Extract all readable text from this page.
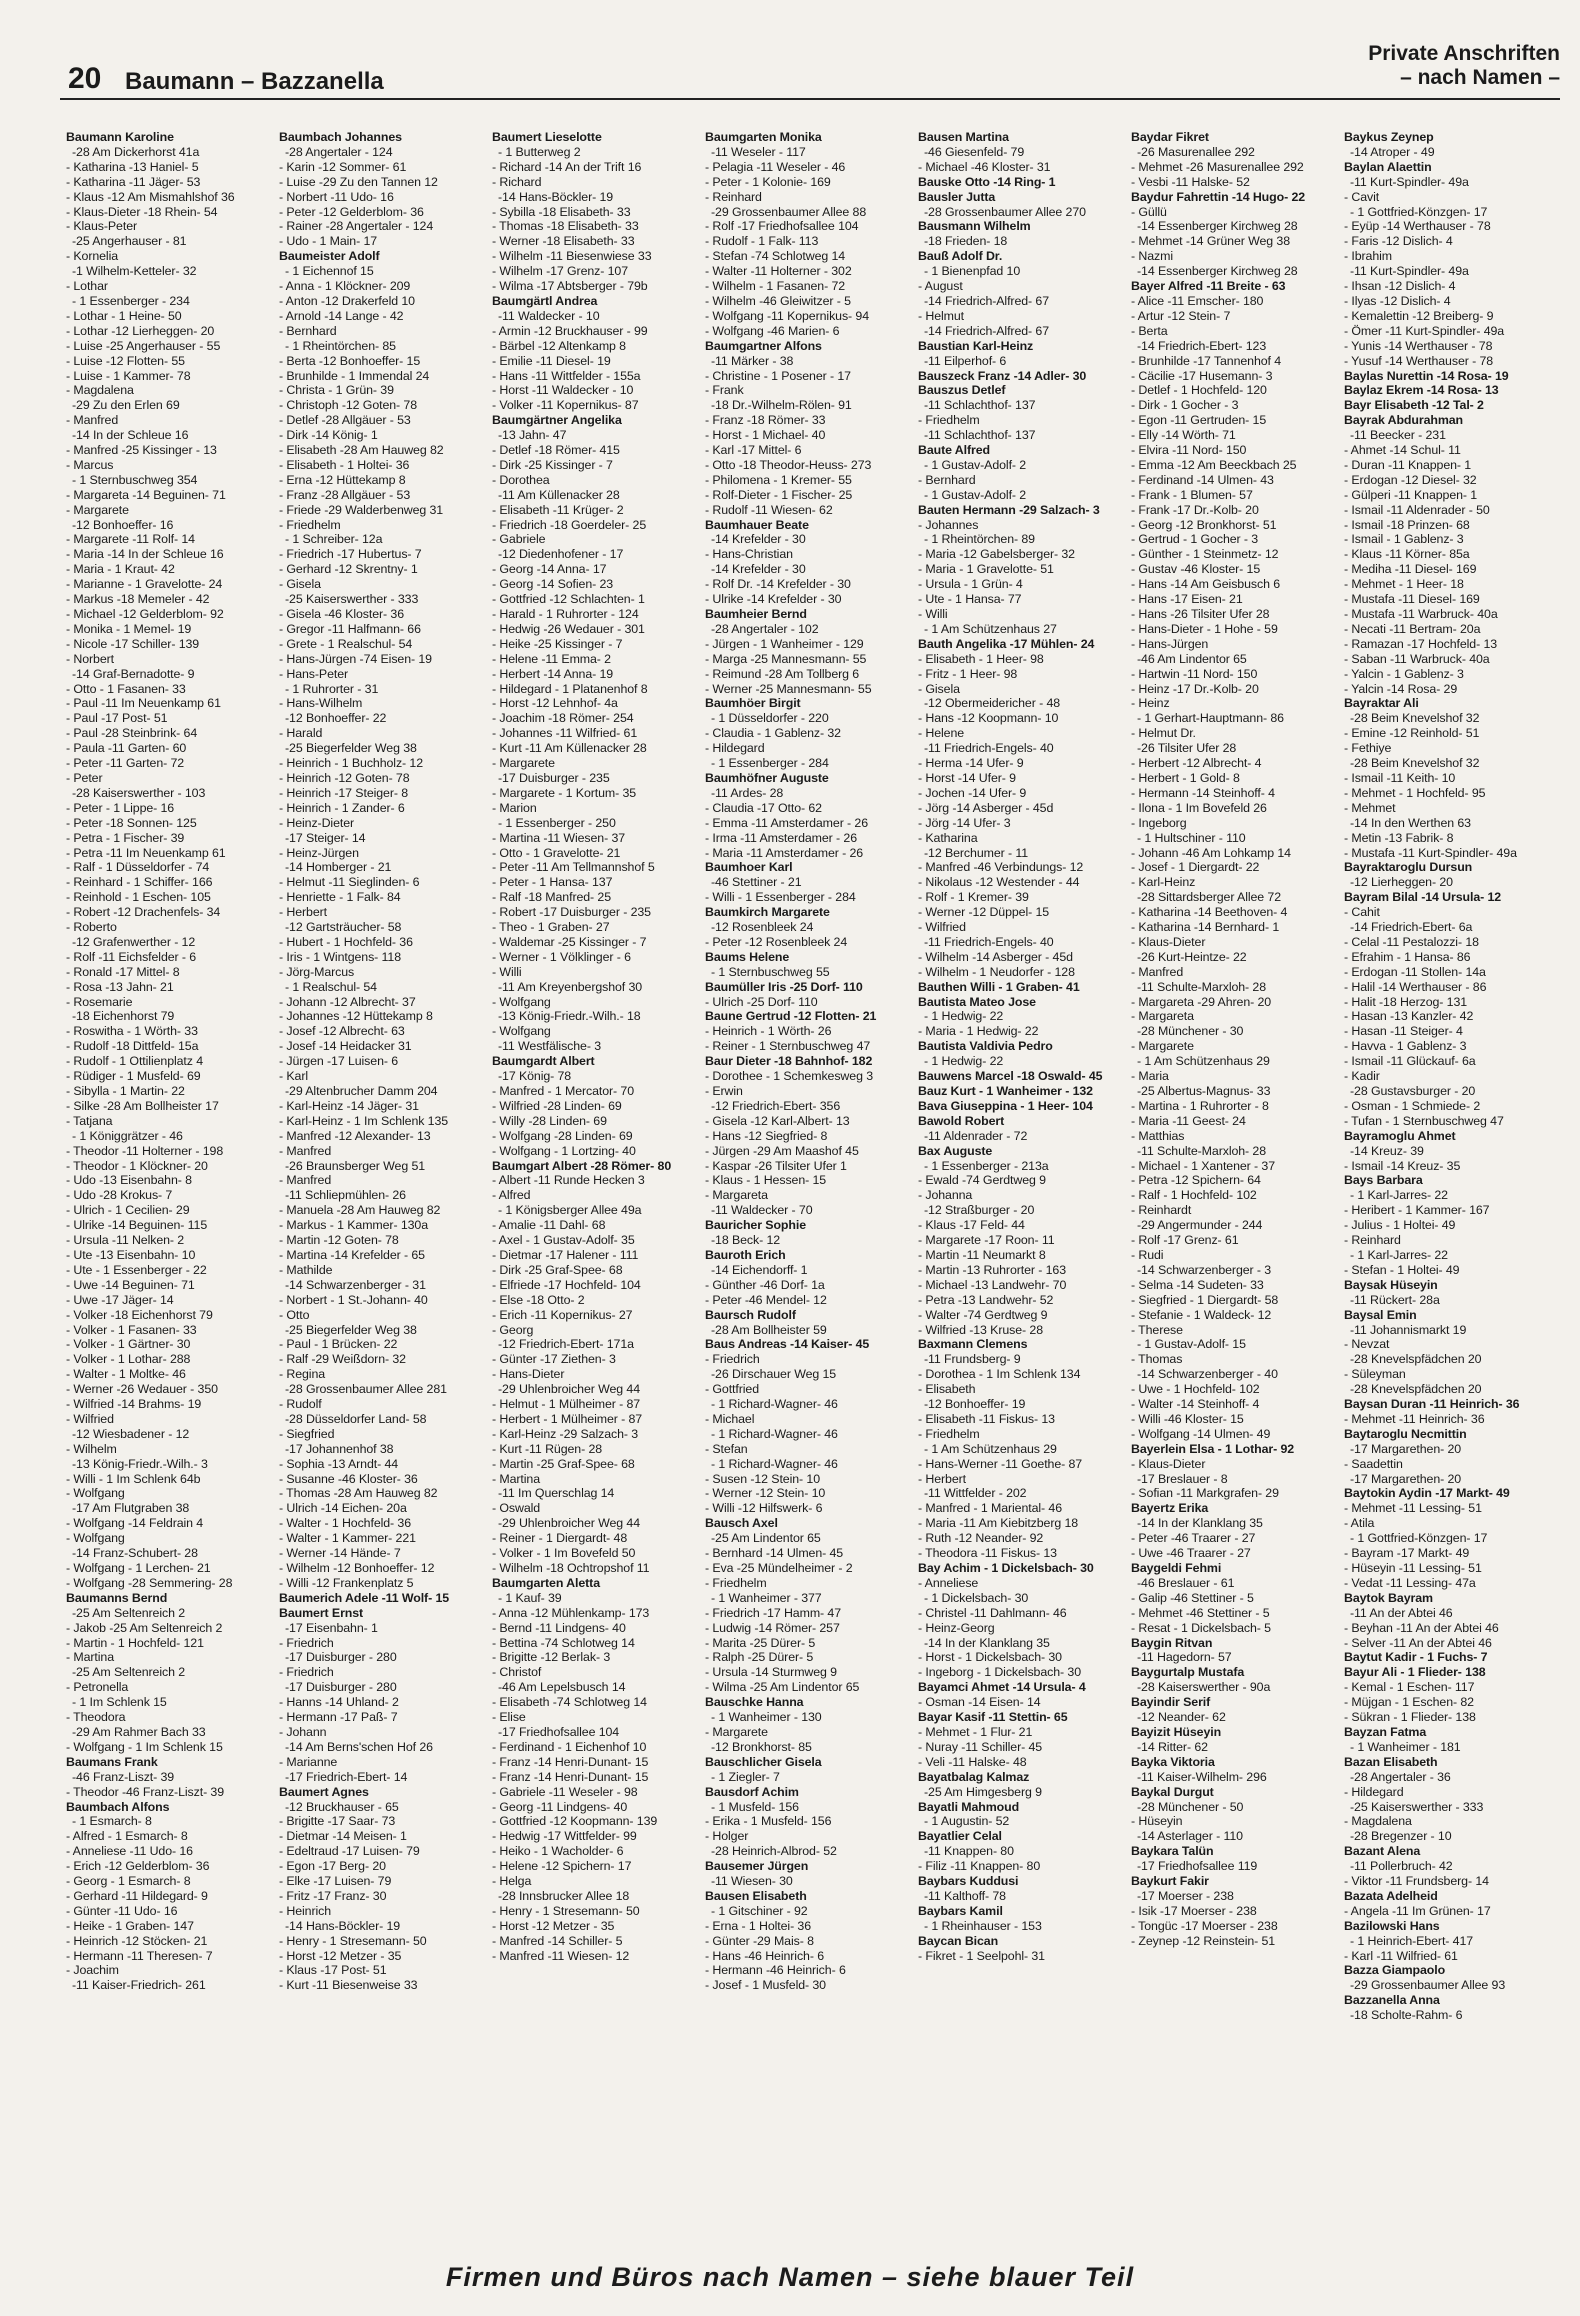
20 Baumann – Bazzanella
Private Anschriften
– nach Namen –
Baumann Karoline
-28 Am Dickerhorst 41a
- Katharina -13 Haniel- 5
- Katharina -11 Jäger- 53
- Klaus -12 Am Mismahlshof 36
- Klaus-Dieter -18 Rhein- 54
- Klaus-Peter
-25 Angerhauser - 81
- Kornelia
-1 Wilhelm-Ketteler- 32
- Lothar
- 1 Essenberger - 234
- Lothar - 1 Heine- 50
- Lothar -12 Lierheggen- 20
- Luise -25 Angerhauser - 55
- Luise -12 Flotten- 55
- Luise - 1 Kammer- 78
- Magdalena
-29 Zu den Erlen 69
- Manfred
-14 In der Schleue 16
- Manfred -25 Kissinger - 13
- Marcus
- 1 Sternbuschweg 354
- Margareta -14 Beguinen- 71
- Margarete
-12 Bonhoeffer- 16
- Margarete -11 Rolf- 14
- Maria -14 In der Schleue 16
- Maria - 1 Kraut- 42
- Marianne - 1 Gravelotte- 24
- Markus -18 Memeler - 42
- Michael -12 Gelderblom- 92
- Monika - 1 Memel- 19
- Nicole -17 Schiller- 139
- Norbert
-14 Graf-Bernadotte- 9
- Otto - 1 Fasanen- 33
- Paul -11 Im Neuenkamp 61
- Paul -17 Post- 51
- Paul -28 Steinbrink- 64
- Paula -11 Garten- 60
- Peter -11 Garten- 72
- Peter
-28 Kaiserswerther - 103
- Peter - 1 Lippe- 16
- Peter -18 Sonnen- 125
- Petra - 1 Fischer- 39
- Petra -11 Im Neuenkamp 61
- Ralf - 1 Düsseldorfer - 74
- Reinhard - 1 Schiffer- 166
- Reinhold - 1 Eschen- 105
- Robert -12 Drachenfels- 34
- Roberto
-12 Grafenwerther - 12
- Rolf -11 Eichsfelder - 6
- Ronald -17 Mittel- 8
- Rosa -13 Jahn- 21
- Rosemarie
-18 Eichenhorst 79
- Roswitha - 1 Wörth- 33
- Rudolf -18 Dittfeld- 15a
- Rudolf - 1 Ottilienplatz 4
- Rüdiger - 1 Musfeld- 69
- Sibylla - 1 Martin- 22
- Silke -28 Am Bollheister 17
- Tatjana
- 1 Königgrätzer - 46
- Theodor -11 Holterner - 198
- Theodor - 1 Klöckner- 20
- Udo -13 Eisenbahn- 8
- Udo -28 Krokus- 7
- Ulrich - 1 Cecilien- 29
- Ulrike -14 Beguinen- 115
- Ursula -11 Nelken- 2
- Ute -13 Eisenbahn- 10
- Ute - 1 Essenberger - 22
- Uwe -14 Beguinen- 71
- Uwe -17 Jäger- 14
- Volker -18 Eichenhorst 79
- Volker - 1 Fasanen- 33
- Volker - 1 Gärtner- 30
- Volker - 1 Lothar- 288
- Walter - 1 Moltke- 46
- Werner -26 Wedauer - 350
- Wilfried -14 Brahms- 19
- Wilfried
-12 Wiesbadener - 12
- Wilhelm
-13 König-Friedr.-Wilh.- 3
- Willi - 1 Im Schlenk 64b
- Wolfgang
-17 Am Flutgraben 38
- Wolfgang -14 Feldrain 4
- Wolfgang
-14 Franz-Schubert- 28
- Wolfgang - 1 Lerchen- 21
- Wolfgang -28 Semmering- 28
Baumanns Bernd
-25 Am Seltenreich 2
- Jakob -25 Am Seltenreich 2
- Martin - 1 Hochfeld- 121
- Martina
-25 Am Seltenreich 2
- Petronella
- 1 Im Schlenk 15
- Theodora
-29 Am Rahmer Bach 33
- Wolfgang - 1 Im Schlenk 15
Baumans Frank
-46 Franz-Liszt- 39
- Theodor -46 Franz-Liszt- 39
Baumbach Alfons
- 1 Esmarch- 8
- Alfred - 1 Esmarch- 8
- Anneliese -11 Udo- 16
- Erich -12 Gelderblom- 36
- Georg - 1 Esmarch- 8
- Gerhard -11 Hildegard- 9
- Günter -11 Udo- 16
- Heike - 1 Graben- 147
- Heinrich -12 Stöcken- 21
- Hermann -11 Theresen- 7
- Joachim
-11 Kaiser-Friedrich- 261
Baumbach Johannes
-28 Angertaler - 124
- Karin -12 Sommer- 61
- Luise -29 Zu den Tannen 12
- Norbert -11 Udo- 16
- Peter -12 Gelderblom- 36
- Rainer -28 Angertaler - 124
- Udo - 1 Main- 17
Baumeister Adolf
- 1 Eichennof 15
- Anna - 1 Klöckner- 209
- Anton -12 Drakerfeld 10
- Arnold -14 Lange - 42
- Bernhard
- 1 Rheintörchen- 85
- Berta -12 Bonhoeffer- 15
- Brunhilde - 1 Immendal 24
- Christa - 1 Grün- 39
- Christoph -12 Goten- 78
- Detlef -28 Allgäuer - 53
- Dirk -14 König- 1
- Elisabeth -28 Am Hauweg 82
- Elisabeth - 1 Holtei- 36
- Erna -12 Hüttekamp 8
- Franz -28 Allgäuer - 53
- Friede -29 Walderbenweg 31
- Friedhelm
- 1 Schreiber- 12a
- Friedrich -17 Hubertus- 7
- Gerhard -12 Skrentny- 1
- Gisela
-25 Kaiserswerther - 333
- Gisela -46 Kloster- 36
- Gregor -11 Halfmann- 66
- Grete - 1 Realschul- 54
- Hans-Jürgen -74 Eisen- 19
- Hans-Peter
- 1 Ruhrorter - 31
- Hans-Wilhelm
-12 Bonhoeffer- 22
- Harald
-25 Biegerfelder Weg 38
- Heinrich - 1 Buchholz- 12
- Heinrich -12 Goten- 78
- Heinrich -17 Steiger- 8
- Heinrich - 1 Zander- 6
- Heinz-Dieter
-17 Steiger- 14
- Heinz-Jürgen
-14 Homberger - 21
- Helmut -11 Sieglinden- 6
- Henriette - 1 Falk- 84
- Herbert
-12 Gartsträucher- 58
- Hubert - 1 Hochfeld- 36
- Iris - 1 Wintgens- 118
- Jörg-Marcus
- 1 Realschul- 54
- Johann -12 Albrecht- 37
- Johannes -12 Hüttekamp 8
- Josef -12 Albrecht- 63
- Josef -14 Heidacker 31
- Jürgen -17 Luisen- 6
- Karl
-29 Altenbrucher Damm 204
- Karl-Heinz -14 Jäger- 31
- Karl-Heinz - 1 Im Schlenk 135
- Manfred -12 Alexander- 13
- Manfred
-26 Braunsberger Weg 51
- Manfred
-11 Schliepmühlen- 26
- Manuela -28 Am Hauweg 82
- Markus - 1 Kammer- 130a
- Martin -12 Goten- 78
- Martina -14 Krefelder - 65
- Mathilde
-14 Schwarzenberger - 31
- Norbert - 1 St.-Johann- 40
- Otto
-25 Biegerfelder Weg 38
- Paul - 1 Brücken- 22
- Ralf -29 Weißdorn- 32
- Regina
-28 Grossenbaumer Allee 281
- Rudolf
-28 Düsseldorfer Land- 58
- Siegfried
-17 Johannenhof 38
- Sophia -13 Arndt- 44
- Susanne -46 Kloster- 36
- Thomas -28 Am Hauweg 82
- Ulrich -14 Eichen- 20a
- Walter - 1 Hochfeld- 36
- Walter - 1 Kammer- 221
- Werner -14 Hände- 7
- Wilhelm -12 Bonhoeffer- 12
- Willi -12 Frankenplatz 5
Baumerich Adele -11 Wolf- 15
Baumert Ernst
-17 Eisenbahn- 1
- Friedrich
-17 Duisburger - 280
- Friedrich
-17 Duisburger - 280
- Hanns -14 Uhland- 2
- Hermann -17 Paß- 7
- Johann
-14 Am Berns'schen Hof 26
- Marianne
-17 Friedrich-Ebert- 14
Baumert Agnes
-12 Bruckhauser - 65
- Brigitte -17 Saar- 73
- Dietmar -14 Meisen- 1
- Edeltraud -17 Luisen- 79
- Egon -17 Berg- 20
- Elke -17 Luisen- 79
- Fritz -17 Franz- 30
- Heinrich
-14 Hans-Böckler- 19
- Henry - 1 Stresemann- 50
- Horst -12 Metzer - 35
- Klaus -17 Post- 51
- Kurt -11 Biesenweise 33
Baumert Lieselotte
- 1 Butterweg 2
- Richard -14 An der Trift 16
- Richard
-14 Hans-Böckler- 19
- Sybilla -18 Elisabeth- 33
- Thomas -18 Elisabeth- 33
- Werner -18 Elisabeth- 33
- Wilhelm -11 Biesenwiese 33
- Wilhelm -17 Grenz- 107
- Wilma -17 Abtsberger - 79b
Baumgärtl Andrea
-11 Waldecker - 10
- Armin -12 Bruckhauser - 99
- Bärbel -12 Altenkamp 8
- Emilie -11 Diesel- 19
- Hans -11 Wittfelder - 155a
- Horst -11 Waldecker - 10
- Volker -11 Kopernikus- 87
Baumgärtner Angelika
-13 Jahn- 47
- Detlef -18 Römer- 415
- Dirk -25 Kissinger - 7
- Dorothea
-11 Am Küllenacker 28
- Elisabeth -11 Krüger- 2
- Friedrich -18 Goerdeler- 25
- Gabriele
-12 Diedenhofener - 17
- Georg -14 Anna- 17
- Georg -14 Sofien- 23
- Gottfried -12 Schlachten- 1
- Harald - 1 Ruhrorter - 124
- Hedwig -26 Wedauer - 301
- Heike -25 Kissinger - 7
- Helene -11 Emma- 2
- Herbert -14 Anna- 19
- Hildegard - 1 Platanenhof 8
- Horst -12 Lehnhof- 4a
- Joachim -18 Römer- 254
- Johannes -11 Wilfried- 61
- Kurt -11 Am Küllenacker 28
- Margarete
-17 Duisburger - 235
- Margarete - 1 Kortum- 35
- Marion
- 1 Essenberger - 250
- Martina -11 Wiesen- 37
- Otto - 1 Gravelotte- 21
- Peter -11 Am Tellmannshof 5
- Peter - 1 Hansa- 137
- Ralf -18 Manfred- 25
- Robert -17 Duisburger - 235
- Theo - 1 Graben- 27
- Waldemar -25 Kissinger - 7
- Werner - 1 Völklinger - 6
- Willi
-11 Am Kreyenbergshof 30
- Wolfgang
-13 König-Friedr.-Wilh.- 18
- Wolfgang
-11 Westfälische- 3
Baumgardt Albert
-17 König- 78
- Manfred - 1 Mercator- 70
- Wilfried -28 Linden- 69
- Willy -28 Linden- 69
- Wolfgang -28 Linden- 69
- Wolfgang - 1 Lortzing- 40
Baumgart Albert -28 Römer- 80
- Albert -11 Runde Hecken 3
- Alfred
- 1 Königsberger Allee 49a
- Amalie -11 Dahl- 68
- Axel - 1 Gustav-Adolf- 35
- Dietmar -17 Halener - 111
- Dirk -25 Graf-Spee- 68
- Elfriede -17 Hochfeld- 104
- Else -18 Otto- 2
- Erich -11 Kopernikus- 27
- Georg
-12 Friedrich-Ebert- 171a
- Günter -17 Ziethen- 3
- Hans-Dieter
-29 Uhlenbroicher Weg 44
- Helmut - 1 Mülheimer - 87
- Herbert - 1 Mülheimer - 87
- Karl-Heinz -29 Salzach- 3
- Kurt -11 Rügen- 28
- Martin -25 Graf-Spee- 68
- Martina
-11 Im Querschlag 14
- Oswald
-29 Uhlenbroicher Weg 44
- Reiner - 1 Diergardt- 48
- Volker - 1 Im Bovefeld 50
- Wilhelm -18 Ochtropshof 11
Baumgarten Aletta
- 1 Kauf- 39
- Anna -12 Mühlenkamp- 173
- Bernd -11 Lindgens- 40
- Bettina -74 Schlotweg 14
- Brigitte -12 Berlak- 3
- Christof
-46 Am Lepelsbusch 14
- Elisabeth -74 Schlotweg 14
- Elise
-17 Friedhofsallee 104
- Ferdinand - 1 Eichenhof 10
- Franz -14 Henri-Dunant- 15
- Franz -14 Henri-Dunant- 15
- Gabriele -11 Weseler - 98
- Georg -11 Lindgens- 40
- Gottfried -12 Koopmann- 139
- Hedwig -17 Wittfelder- 99
- Heiko - 1 Wacholder- 6
- Helene -12 Spichern- 17
- Helga
-28 Innsbrucker Allee 18
- Henry - 1 Stresemann- 50
- Horst -12 Metzer - 35
- Manfred -14 Schiller- 5
- Manfred -11 Wiesen- 12
Baumgarten Monika
-11 Weseler - 117
- Pelagia -11 Weseler - 46
- Peter - 1 Kolonie- 169
- Reinhard
-29 Grossenbaumer Allee 88
- Rolf -17 Friedhofsallee 104
- Rudolf - 1 Falk- 113
- Stefan -74 Schlotweg 14
- Walter -11 Holterner - 302
- Wilhelm - 1 Fasanen- 72
- Wilhelm -46 Gleiwitzer - 5
- Wolfgang -11 Kopernikus- 94
- Wolfgang -46 Marien- 6
Baumgartner Alfons
-11 Märker - 38
- Christine - 1 Posener - 17
- Frank
-18 Dr.-Wilhelm-Rölen- 91
- Franz -18 Römer- 33
- Horst - 1 Michael- 40
- Karl -17 Mittel- 6
- Otto -18 Theodor-Heuss- 273
- Philomena - 1 Kremer- 55
- Rolf-Dieter - 1 Fischer- 25
- Rudolf -11 Wiesen- 62
Baumhauer Beate
-14 Krefelder - 30
- Hans-Christian
-14 Krefelder - 30
- Rolf Dr. -14 Krefelder - 30
- Ulrike -14 Krefelder - 30
Baumheier Bernd
-28 Angertaler - 102
- Jürgen - 1 Wanheimer - 129
- Marga -25 Mannesmann- 55
- Reimund -28 Am Tollberg 6
- Werner -25 Mannesmann- 55
Baumhöer Birgit
- 1 Düsseldorfer - 220
- Claudia - 1 Gablenz- 32
- Hildegard
- 1 Essenberger - 284
Baumhöfner Auguste
-11 Ardes- 28
- Claudia -17 Otto- 62
- Emma -11 Amsterdamer - 26
- Irma -11 Amsterdamer - 26
- Maria -11 Amsterdamer - 26
Baumhoer Karl
-46 Stettiner - 21
- Willi - 1 Essenberger - 284
Baumkirch Margarete
-12 Rosenbleek 24
- Peter -12 Rosenbleek 24
Baums Helene
- 1 Sternbuschweg 55
Baumüller Iris -25 Dorf- 110
- Ulrich -25 Dorf- 110
Baune Gertrud -12 Flotten- 21
- Heinrich - 1 Wörth- 26
- Reiner - 1 Sternbuschweg 47
Baur Dieter -18 Bahnhof- 182
- Dorothee - 1 Schemkesweg 3
- Erwin
-12 Friedrich-Ebert- 356
- Gisela -12 Karl-Albert- 13
- Hans -12 Siegfried- 8
- Jürgen -29 Am Maashof 45
- Kaspar -26 Tilsiter Ufer 1
- Klaus - 1 Hessen- 15
- Margareta
-11 Waldecker - 70
Bauricher Sophie
-18 Beck- 12
Bauroth Erich
-14 Eichendorff- 1
- Günther -46 Dorf- 1a
- Peter -46 Mendel- 12
Baursch Rudolf
-28 Am Bollheister 59
Baus Andreas -14 Kaiser- 45
- Friedrich
-26 Dirschauer Weg 15
- Gottfried
- 1 Richard-Wagner- 46
- Michael
- 1 Richard-Wagner- 46
- Stefan
- 1 Richard-Wagner- 46
- Susen -12 Stein- 10
- Werner -12 Stein- 10
- Willi -12 Hilfswerk- 6
Bausch Axel
-25 Am Lindentor 65
- Bernhard -14 Ulmen- 45
- Eva -25 Mündelheimer - 2
- Friedhelm
- 1 Wanheimer - 377
- Friedrich -17 Hamm- 47
- Ludwig -14 Römer- 257
- Marita -25 Dürer- 5
- Ralph -25 Dürer- 5
- Ursula -14 Sturmweg 9
- Wilma -25 Am Lindentor 65
Bauschke Hanna
- 1 Wanheimer - 130
- Margarete
-12 Bronkhorst- 85
Bauschlicher Gisela
- 1 Ziegler- 7
Bausdorf Achim
- 1 Musfeld- 156
- Erika - 1 Musfeld- 156
- Holger
-28 Heinrich-Albrod- 52
Bausemer Jürgen
-11 Wiesen- 30
Bausen Elisabeth
- 1 Gitschiner - 92
- Erna - 1 Holtei- 36
- Günter -29 Mais- 8
- Hans -46 Heinrich- 6
- Hermann -46 Heinrich- 6
- Josef - 1 Musfeld- 30
Bausen Martina
-46 Giesenfeld- 79
- Michael -46 Kloster- 31
Bauske Otto -14 Ring- 1
Bausler Jutta
-28 Grossenbaumer Allee 270
Bausmann Wilhelm
-18 Frieden- 18
Bauß Adolf Dr.
- 1 Bienenpfad 10
- August
-14 Friedrich-Alfred- 67
- Helmut
-14 Friedrich-Alfred- 67
Baustian Karl-Heinz
-11 Eilperhof- 6
Bauszeck Franz -14 Adler- 30
Bauszus Detlef
-11 Schlachthof- 137
- Friedhelm
-11 Schlachthof- 137
Baute Alfred
- 1 Gustav-Adolf- 2
- Bernhard
- 1 Gustav-Adolf- 2
Bauten Hermann -29 Salzach- 3
- Johannes
- 1 Rheintörchen- 89
- Maria -12 Gabelsberger- 32
- Maria - 1 Gravelotte- 51
- Ursula - 1 Grün- 4
- Ute - 1 Hansa- 77
- Willi
- 1 Am Schützenhaus 27
Bauth Angelika -17 Mühlen- 24
- Elisabeth - 1 Heer- 98
- Fritz - 1 Heer- 98
- Gisela
-12 Obermeidericher - 48
- Hans -12 Koopmann- 10
- Helene
-11 Friedrich-Engels- 40
- Herma -14 Ufer- 9
- Horst -14 Ufer- 9
- Jochen -14 Ufer- 9
- Jörg -14 Asberger - 45d
- Jörg -14 Ufer- 3
- Katharina
-12 Berchumer - 11
- Manfred -46 Verbindungs- 12
- Nikolaus -12 Westender - 44
- Rolf - 1 Kremer- 39
- Werner -12 Düppel- 15
- Wilfried
-11 Friedrich-Engels- 40
- Wilhelm -14 Asberger - 45d
- Wilhelm - 1 Neudorfer - 128
Bauthen Willi - 1 Graben- 41
Bautista Mateo Jose
- 1 Hedwig- 22
- Maria - 1 Hedwig- 22
Bautista Valdivia Pedro
- 1 Hedwig- 22
Bauwens Marcel -18 Oswald- 45
Bauz Kurt - 1 Wanheimer - 132
Bava Giuseppina - 1 Heer- 104
Bawold Robert
-11 Aldenrader - 72
Bax Auguste
- 1 Essenberger - 213a
- Ewald -74 Gerdtweg 9
- Johanna
-12 Straßburger - 20
- Klaus -17 Feld- 44
- Margarete -17 Roon- 11
- Martin -11 Neumarkt 8
- Martin -13 Ruhrorter - 163
- Michael -13 Landwehr- 70
- Petra -13 Landwehr- 52
- Walter -74 Gerdtweg 9
- Wilfried -13 Kruse- 28
Baxmann Clemens
-11 Frundsberg- 9
- Dorothea - 1 Im Schlenk 134
- Elisabeth
-12 Bonhoeffer- 19
- Elisabeth -11 Fiskus- 13
- Friedhelm
- 1 Am Schützenhaus 29
- Hans-Werner -11 Goethe- 87
- Herbert
-11 Wittfelder - 202
- Manfred - 1 Mariental- 46
- Maria -11 Am Kiebitzberg 18
- Ruth -12 Neander- 92
- Theodora -11 Fiskus- 13
Bay Achim - 1 Dickelsbach- 30
- Anneliese
- 1 Dickelsbach- 30
- Christel -11 Dahlmann- 46
- Heinz-Georg
-14 In der Klanklang 35
- Horst - 1 Dickelsbach- 30
- Ingeborg - 1 Dickelsbach- 30
Bayamci Ahmet -14 Ursula- 4
- Osman -14 Eisen- 14
Bayar Kasif -11 Stettin- 65
- Mehmet - 1 Flur- 21
- Nuray -11 Schiller- 45
- Veli -11 Halske- 48
Bayatbalag Kalmaz
-25 Am Himgesberg 9
Bayatli Mahmoud
- 1 Augustin- 52
Bayatlier Celal
-11 Knappen- 80
- Filiz -11 Knappen- 80
Baybars Kuddusi
-11 Kalthoff- 78
Baybars Kamil
- 1 Rheinhauser - 153
Baycan Bican
- Fikret - 1 Seelpohl- 31
Baydar Fikret
-26 Masurenallee 292
- Mehmet -26 Masurenallee 292
- Vesbi -11 Halske- 52
Baydur Fahrettin -14 Hugo- 22
- Güllü
-14 Essenberger Kirchweg 28
- Mehmet -14 Grüner Weg 38
- Nazmi
-14 Essenberger Kirchweg 28
Bayer Alfred -11 Breite - 63
- Alice -11 Emscher- 180
- Artur -12 Stein- 7
- Berta
-14 Friedrich-Ebert- 123
- Brunhilde -17 Tannenhof 4
- Cäcilie -17 Husemann- 3
- Detlef - 1 Hochfeld- 120
- Dirk - 1 Gocher - 3
- Egon -11 Gertruden- 15
- Elly -14 Wörth- 71
- Elvira -11 Nord- 150
- Emma -12 Am Beeckbach 25
- Ferdinand -14 Ulmen- 43
- Frank - 1 Blumen- 57
- Frank -17 Dr.-Kolb- 20
- Georg -12 Bronkhorst- 51
- Gertrud - 1 Gocher - 3
- Günther - 1 Steinmetz- 12
- Gustav -46 Kloster- 15
- Hans -14 Am Geisbusch 6
- Hans -17 Eisen- 21
- Hans -26 Tilsiter Ufer 28
- Hans-Dieter - 1 Hohe - 59
- Hans-Jürgen
-46 Am Lindentor 65
- Hartwin -11 Nord- 150
- Heinz -17 Dr.-Kolb- 20
- Heinz
- 1 Gerhart-Hauptmann- 86
- Helmut Dr.
-26 Tilsiter Ufer 28
- Herbert -12 Albrecht- 4
- Herbert - 1 Gold- 8
- Hermann -14 Steinhoff- 4
- Ilona - 1 Im Bovefeld 26
- Ingeborg
- 1 Hultschiner - 110
- Johann -46 Am Lohkamp 14
- Josef - 1 Diergardt- 22
- Karl-Heinz
-28 Sittardsberger Allee 72
- Katharina -14 Beethoven- 4
- Katharina -14 Bernhard- 1
- Klaus-Dieter
-26 Kurt-Heintze- 22
- Manfred
-11 Schulte-Marxloh- 28
- Margareta -29 Ahren- 20
- Margareta
-28 Münchener - 30
- Margarete
- 1 Am Schützenhaus 29
- Maria
-25 Albertus-Magnus- 33
- Martina - 1 Ruhrorter - 8
- Maria -11 Geest- 24
- Matthias
-11 Schulte-Marxloh- 28
- Michael - 1 Xantener - 37
- Petra -12 Spichern- 64
- Ralf - 1 Hochfeld- 102
- Reinhardt
-29 Angermunder - 244
- Rolf -17 Grenz- 61
- Rudi
-14 Schwarzenberger - 3
- Selma -14 Sudeten- 33
- Siegfried - 1 Diergardt- 58
- Stefanie - 1 Waldeck- 12
- Therese
- 1 Gustav-Adolf- 15
- Thomas
-14 Schwarzenberger - 40
- Uwe - 1 Hochfeld- 102
- Walter -14 Steinhoff- 4
- Willi -46 Kloster- 15
- Wolfgang -14 Ulmen- 49
Bayerlein Elsa - 1 Lothar- 92
- Klaus-Dieter
-17 Breslauer - 8
- Sofian -11 Markgrafen- 29
Bayertz Erika
-14 In der Klanklang 35
- Peter -46 Traarer - 27
- Uwe -46 Traarer - 27
Baygeldi Fehmi
-46 Breslauer - 61
- Galip -46 Stettiner - 5
- Mehmet -46 Stettiner - 5
- Resat - 1 Dickelsbach- 5
Baygin Ritvan
-11 Hagedorn- 57
Baygurtalp Mustafa
-28 Kaiserswerther - 90a
Bayindir Serif
-12 Neander- 62
Bayizit Hüseyin
-14 Ritter- 62
Bayka Viktoria
-11 Kaiser-Wilhelm- 296
Baykal Durgut
-28 Münchener - 50
- Hüseyin
-14 Asterlager - 110
Baykara Talün
-17 Friedhofsallee 119
Baykurt Fakir
-17 Moerser - 238
- Isik -17 Moerser - 238
- Tongüc -17 Moerser - 238
- Zeynep -12 Reinstein- 51
Baykus Zeynep
-14 Atroper - 49
Baylan Alaettin
-11 Kurt-Spindler- 49a
- Cavit
- 1 Gottfried-Könzgen- 17
- Eyüp -14 Werthauser - 78
- Faris -12 Dislich- 4
- Ibrahim
-11 Kurt-Spindler- 49a
- Ihsan -12 Dislich- 4
- Ilyas -12 Dislich- 4
- Kemalettin -12 Breiberg- 9
- Ömer -11 Kurt-Spindler- 49a
- Yunis -14 Werthauser - 78
- Yusuf -14 Werthauser - 78
Baylas Nurettin -14 Rosa- 19
Baylaz Ekrem -14 Rosa- 13
Bayr Elisabeth -12 Tal- 2
Bayrak Abdurahman
-11 Beecker - 231
- Ahmet -14 Schul- 11
- Duran -11 Knappen- 1
- Erdogan -12 Diesel- 32
- Gülperi -11 Knappen- 1
- Ismail -11 Aldenrader - 50
- Ismail -18 Prinzen- 68
- Ismail - 1 Gablenz- 3
- Klaus -11 Körner- 85a
- Mediha -11 Diesel- 169
- Mehmet - 1 Heer- 18
- Mustafa -11 Diesel- 169
- Mustafa -11 Warbruck- 40a
- Necati -11 Bertram- 20a
- Ramazan -17 Hochfeld- 13
- Saban -11 Warbruck- 40a
- Yalcin - 1 Gablenz- 3
- Yalcin -14 Rosa- 29
Bayraktar Ali
-28 Beim Knevelshof 32
- Emine -12 Reinhold- 51
- Fethiye
-28 Beim Knevelshof 32
- Ismail -11 Keith- 10
- Mehmet - 1 Hochfeld- 95
- Mehmet
-14 In den Werthen 63
- Metin -13 Fabrik- 8
- Mustafa -11 Kurt-Spindler- 49a
Bayraktaroglu Dursun
-12 Lierheggen- 20
Bayram Bilal -14 Ursula- 12
- Cahit
-14 Friedrich-Ebert- 6a
- Celal -11 Pestalozzi- 18
- Efrahim - 1 Hansa- 86
- Erdogan -11 Stollen- 14a
- Halil -14 Werthauser - 86
- Halit -18 Herzog- 131
- Hasan -13 Kanzler- 42
- Hasan -11 Steiger- 4
- Havva - 1 Gablenz- 3
- Ismail -11 Glückauf- 6a
- Kadir
-28 Gustavsburger - 20
- Osman - 1 Schmiede- 2
- Tufan - 1 Sternbuschweg 47
Bayramoglu Ahmet
-14 Kreuz- 39
- Ismail -14 Kreuz- 35
Bays Barbara
- 1 Karl-Jarres- 22
- Heribert - 1 Kammer- 167
- Julius - 1 Holtei- 49
- Reinhard
- 1 Karl-Jarres- 22
- Stefan - 1 Holtei- 49
Baysak Hüseyin
-11 Rückert- 28a
Baysal Emin
-11 Johannismarkt 19
- Nevzat
-28 Knevelspfädchen 20
- Süleyman
-28 Knevelspfädchen 20
Baysan Duran -11 Heinrich- 36
- Mehmet -11 Heinrich- 36
Baytaroglu Necmittin
-17 Margarethen- 20
- Saadettin
-17 Margarethen- 20
Baytokin Aydin -17 Markt- 49
- Mehmet -11 Lessing- 51
- Atila
- 1 Gottfried-Könzgen- 17
- Bayram -17 Markt- 49
- Hüseyin -11 Lessing- 51
- Vedat -11 Lessing- 47a
Baytok Bayram
-11 An der Abtei 46
- Beyhan -11 An der Abtei 46
- Selver -11 An der Abtei 46
Baytut Kadir - 1 Fuchs- 7
Bayur Ali - 1 Flieder- 138
- Kemal - 1 Eschen- 117
- Müjgan - 1 Eschen- 82
- Sükran - 1 Flieder- 138
Bayzan Fatma
- 1 Wanheimer - 181
Bazan Elisabeth
-28 Angertaler - 36
- Hildegard
-25 Kaiserswerther - 333
- Magdalena
-28 Bregenzer - 10
Bazant Alena
-11 Pollerbruch- 42
- Viktor -11 Frundsberg- 14
Bazata Adelheid
- Angela -11 Im Grünen- 17
Bazilowski Hans
- 1 Heinrich-Ebert- 417
- Karl -11 Wilfried- 61
Bazza Giampaolo
-29 Grossenbaumer Allee 93
Bazzanella Anna
-18 Scholte-Rahm- 6
Firmen und Büros nach Namen – siehe blauer Teil
